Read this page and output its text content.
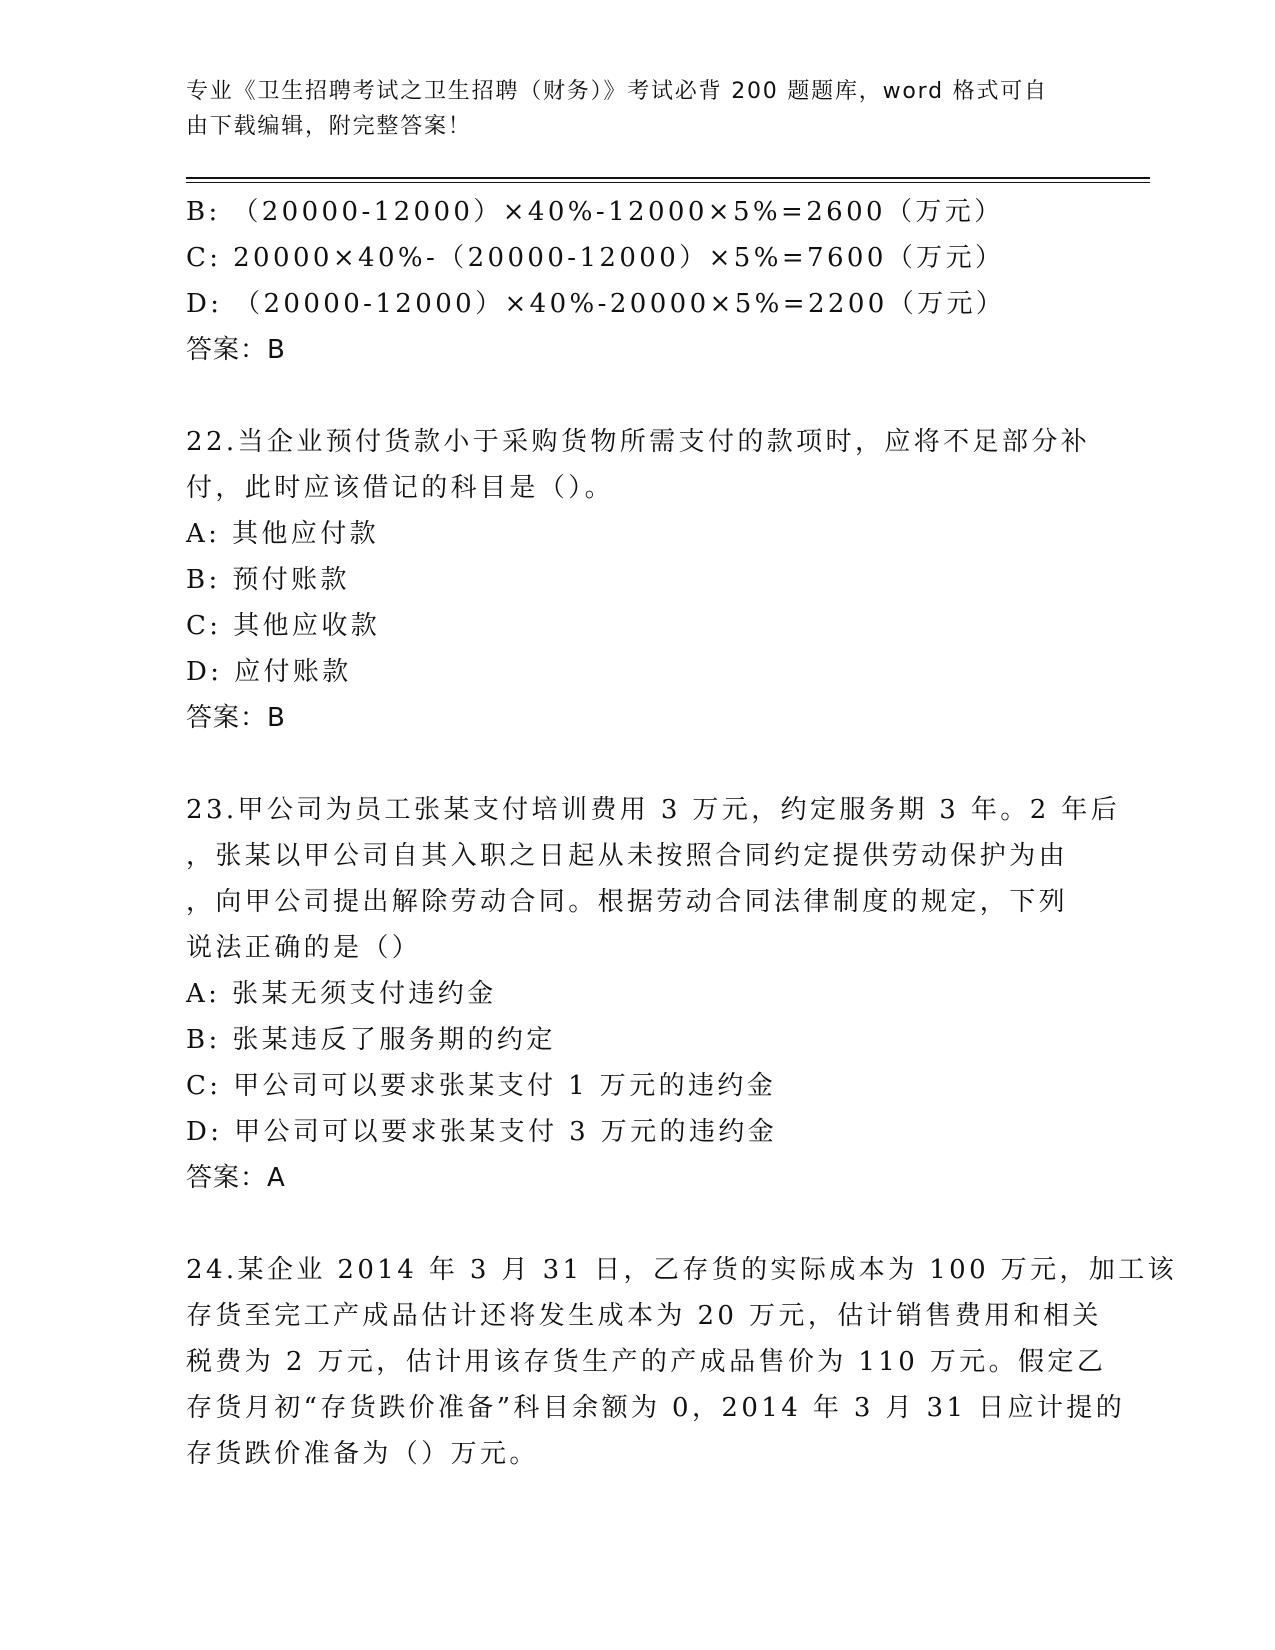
专业《卫生招聘考试之卫生招聘（财务）》考试必背 200 题题库，word 格式可自
由下载编辑，附完整答案！
B: （20000-12000）×40%-12000×5%=2600（万元）
C: 20000×40%-（20000-12000）×5%=7600（万元）
D: （20000-12000）×40%-20000×5%=2200（万元）
答案：B
22.当企业预付货款小于采购货物所需支付的款项时，应将不足部分补
付，此时应该借记的科目是（）。
A: 其他应付款
B: 预付账款
C: 其他应收款
D: 应付账款
答案：B
23.甲公司为员工张某支付培训费用 3 万元，约定服务期 3 年。2 年后
，张某以甲公司自其入职之日起从未按照合同约定提供劳动保护为由
，向甲公司提出解除劳动合同。根据劳动合同法律制度的规定，下列
说法正确的是（）
A: 张某无须支付违约金
B: 张某违反了服务期的约定
C: 甲公司可以要求张某支付 1 万元的违约金
D: 甲公司可以要求张某支付 3 万元的违约金
答案：A
24.某企业 2014 年 3 月 31 日，乙存货的实际成本为 100 万元，加工该
存货至完工产成品估计还将发生成本为 20 万元，估计销售费用和相关
税费为 2 万元，估计用该存货生产的产成品售价为 110 万元。假定乙
存货月初“存货跌价准备”科目余额为 0，2014 年 3 月 31 日应计提的
存货跌价准备为（）万元。
